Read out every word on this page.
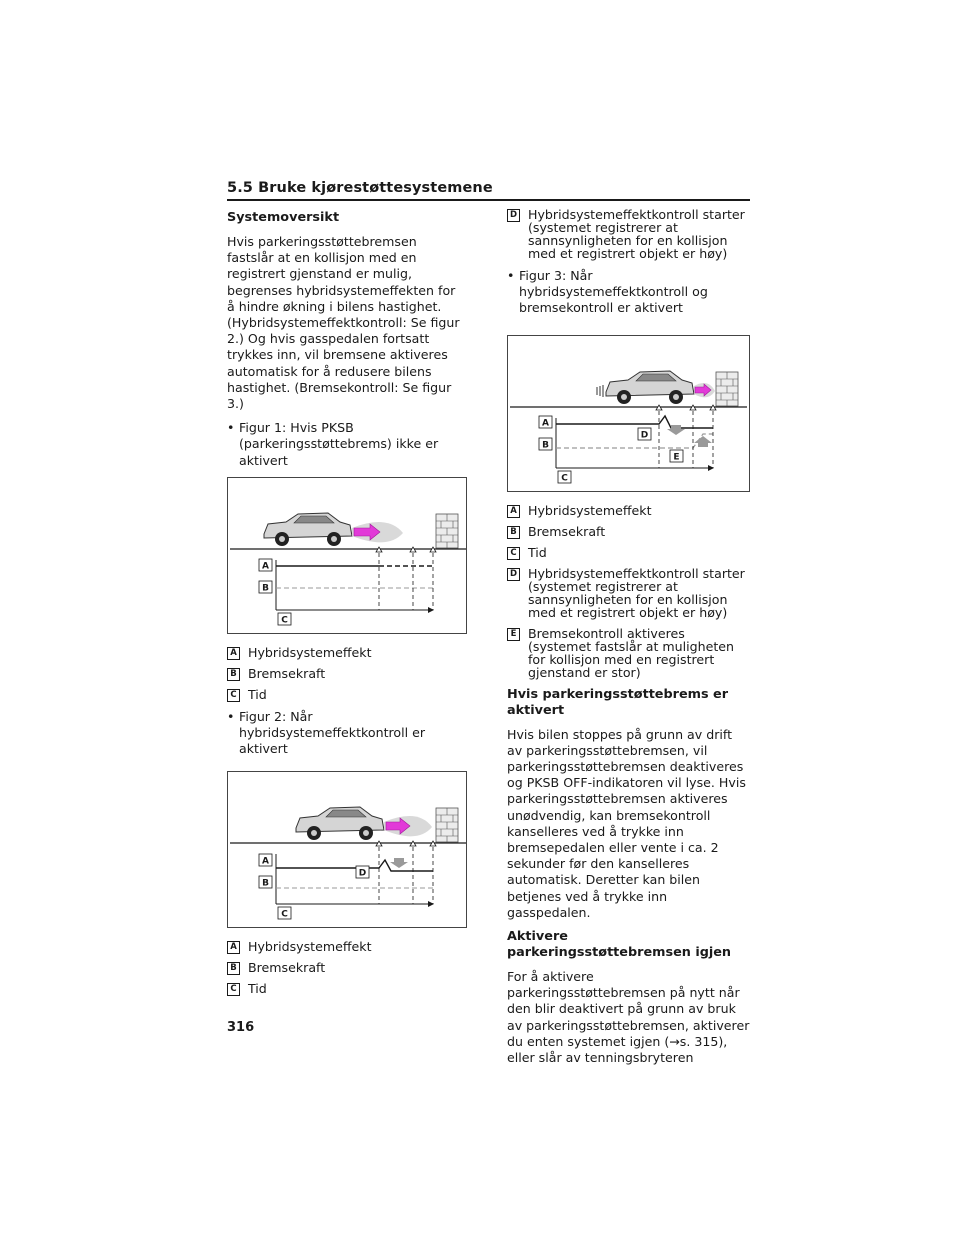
5.5 Bruke kjørestøttesystemene
Systemoversikt

Hvis parkeringsstøttebremsen fastslår at en kollisjon med en registrert gjenstand er mulig, begrenses hybridsystemeffekten for å hindre økning i bilens hastighet. (Hybridsystemeffektkontroll: Se figur 2.) Og hvis gasspedalen fortsatt trykkes inn, vil bremsene aktiveres automatisk for å redusere bilens hastighet. (Bremsekontroll: Se figur 3.)

• Figur 1: Hvis PKSB (parkeringsstøttebrems) ikke er aktivert
A
B
C
A Hybridsystemeffekt
B Bremsekraft
C Tid
• Figur 2: Når hybridsystemeffektkontroll er aktivert
A
B
D
C
A Hybridsystemeffekt
B Bremsekraft
C Tid
D Hybridsystemeffektkontroll starter (systemet registrerer at sannsynligheten for en kollisjon med et registrert objekt er høy)
• Figur 3: Når hybridsystemeffektkontroll og bremsekontroll er aktivert
A
B
D
E
C
A Hybridsystemeffekt
B Bremsekraft
C Tid
D Hybridsystemeffektkontroll starter (systemet registrerer at sannsynligheten for en kollisjon med et registrert objekt er høy)
E Bremsekontroll aktiveres (systemet fastslår at muligheten for kollisjon med en registrert gjenstand er stor)
Hvis parkeringsstøttebrems er aktivert

Hvis bilen stoppes på grunn av drift av parkeringsstøttebremsen, vil parkeringsstøttebremsen deaktiveres og PKSB OFF-indikatoren vil lyse. Hvis parkeringsstøttebremsen aktiveres unødvendig, kan bremsekontroll kanselleres ved å trykke inn bremsepedalen eller vente i ca. 2 sekunder før den kanselleres automatisk. Deretter kan bilen betjenes ved å trykke inn gasspedalen.

Aktivere parkeringsstøttebremsen igjen

For å aktivere parkeringsstøttebremsen på nytt når den blir deaktivert på grunn av bruk av parkeringsstøttebremsen, aktiverer du enten systemet igjen (→s. 315), eller slår av tenningsbryteren

316
